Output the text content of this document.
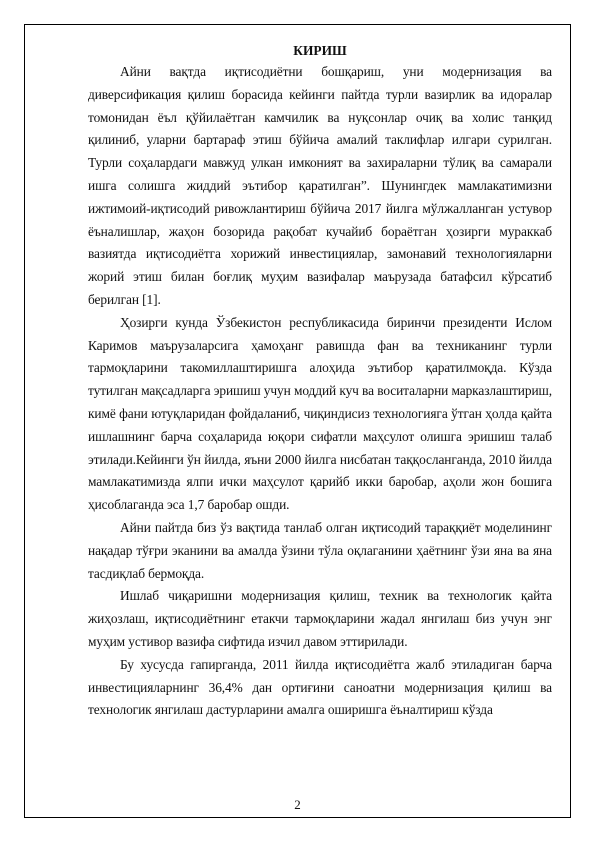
КИРИШ

Айни вақтда иқтисодиётни бошқариш, уни модернизация ва диверсификация қилиш борасида кейинги пайтда турли вазирлик ва идоралар томонидан ёъл қўйилаётган камчилик ва нуқсонлар очиқ ва холис танқид қилиниб, уларни бартараф этиш бўйича амалий таклифлар илгари сурилган. Турли соҳалардаги мавжуд улкан имконият ва захираларни тўлиқ ва самарали ишга солишга жиддий эътибор қаратилган”. Шунингдек мамлакатимизни ижтимоий-иқтисодий ривожлантириш бўйича 2017 йилга мўлжалланган устувор ёъналишлар, жаҳон бозорида рақобат кучайиб бораётган ҳозирги мураккаб вазиятда иқтисодиётга хорижий инвестициялар, замонавий технологияларни жорий этиш билан боғлиқ муҳим вазифалар маърузада батафсил кўрсатиб берилган [1].

Ҳозирги кунда Ўзбекистон республикасида биринчи президенти Ислом Каримов маърузаларсига ҳамоҳанг равишда фан ва техниканинг турли тармоқларини такомиллаштиришга алоҳида эътибор қаратилмоқда. Кўзда тутилган мақсадларга эришиш учун моддий куч ва воситаларни марказлаштириш, кимё фани ютуқларидан фойдаланиб, чиқиндисиз технологияга ўтган ҳолда қайта ишлашнинг барча соҳаларида юқори сифатли маҳсулот олишга эришиш талаб этилади.Кейинги ўн йилда, яъни 2000 йилга нисбатан таққосланганда, 2010 йилда мамлакатимизда ялпи ички маҳсулот қарийб икки баробар, аҳоли жон бошига ҳисоблаганда эса 1,7 баробар ошди.

Айни пайтда биз ўз вақтида танлаб олган иқтисодий тараққиёт моделининг нақадар тўғри эканини ва амалда ўзини тўла оқлаганини ҳаётнинг ўзи яна ва яна тасдиқлаб бермоқда.

Ишлаб чиқаришни модернизация қилиш, техник ва технологик қайта жиҳозлаш, иқтисодиётнинг етакчи тармоқларини жадал янгилаш биз учун энг муҳим устивор вазифа сифтида изчил давом эттирилади.

Бу хусусда гапирганда, 2011 йилда иқтисодиётга жалб этиладиган барча инвестицияларнинг 36,4% дан ортиғини саноатни модернизация қилиш ва технологик янгилаш дастурларини амалга оширишга ёъналтириш кўзда

2
